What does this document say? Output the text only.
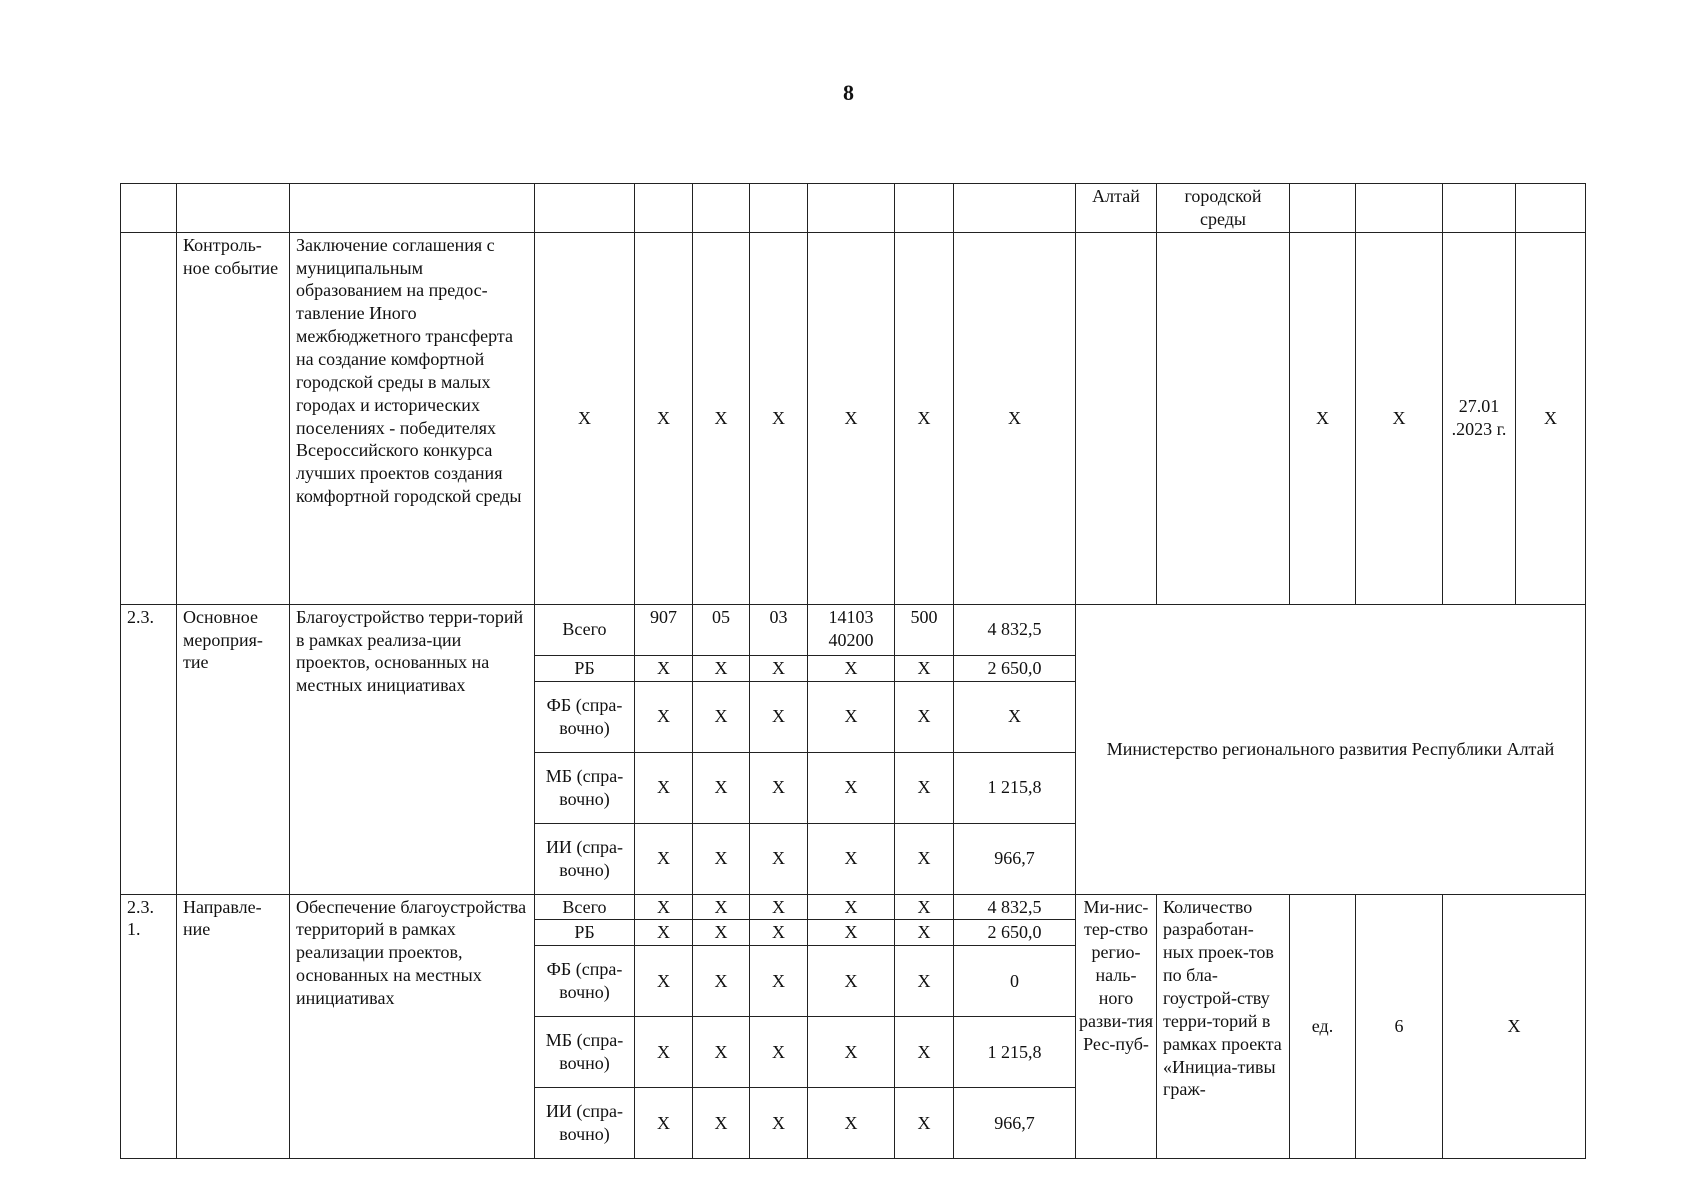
8
										Алтай	городской среды				
	Контроль-ное событие	Заключение соглашения с муниципальным образованием на предос-тавление Иного межбюджетного трансферта на создание комфортной городской среды в малых городах и исторических поселениях - победителях Всероссийского конкурса лучших проектов создания комфортной городской среды	Х	Х	Х	Х	Х	Х	Х			Х	Х	27.01 .2023 г.	Х
2.3.	Основное мероприя-тие	Благоустройство терри-торий в рамках реализа-ции проектов, основанных на местных инициативах	Всего	907	05	03	14103 40200	500	4 832,5	Министерство регионального развития Республики Алтай					
			РБ	Х	Х	Х	Х	Х	2 650,0						
			ФБ (спра-вочно)	Х	Х	Х	Х	Х	Х						
			МБ (спра-вочно)	Х	Х	Х	Х	Х	1 215,8						
			ИИ (спра-вочно)	Х	Х	Х	Х	Х	966,7						
2.3. 1.	Направле-ние	Обеспечение благоустройства территорий в рамках реализации проектов, основанных на местных инициативах	Всего	Х	Х	Х	Х	Х	4 832,5	Ми-нис-тер-ство регио-наль-ного разви-тия Рес-пуб-	Количество разработан-ных проек-тов по бла-гоустрой-ству терри-торий в рамках проекта «Инициа-тивы граж-	ед.	6	Х	
			РБ	Х	Х	Х	Х	Х	2 650,0						
			ФБ (спра-вочно)	Х	Х	Х	Х	Х	0						
			МБ (спра-вочно)	Х	Х	Х	Х	Х	1 215,8						
			ИИ (спра-вочно)	Х	Х	Х	Х	Х	966,7						
